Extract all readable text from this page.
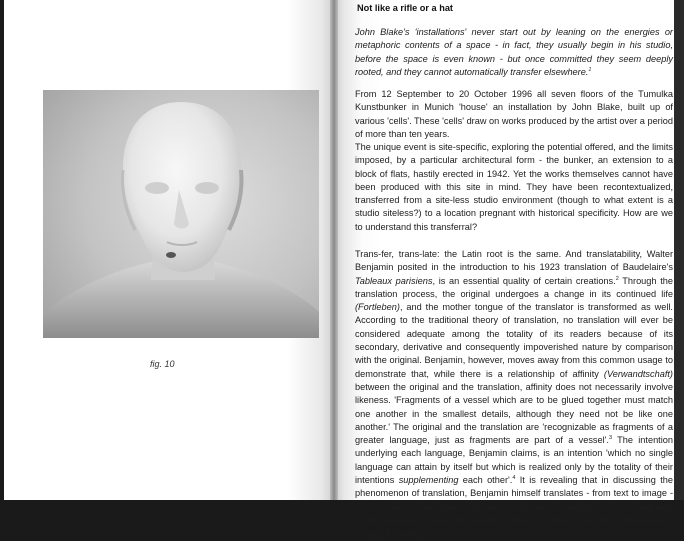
fig. 10
Not like a rifle or a hat

John Blake's 'installations' never start out by leaning on the energies or metaphoric contents of a space - in fact, they usually begin in his studio, before the space is even known - but once committed they seem deeply rooted, and they cannot automatically transfer elsewhere.$^1$

From 12 September to 20 October 1996 all seven floors of the Tumulka Kunstbunker in Munich 'house' an installation by John Blake, built up of various 'cells'. These 'cells' draw on works produced by the artist over a period of more than ten years.

The unique event is site-specific, exploring the potential offered, and the limits imposed, by a particular architectural form - the bunker, an extension to a block of flats, hastily erected in 1942. Yet the works themselves cannot have been produced with this site in mind. They have been recontextualized, transferred from a site-less studio environment (though to what extent is a studio siteless?) to a location pregnant with historical specificity. How are we to understand this transferral?

Trans-fer, trans-late: the Latin root is the same. And translatability, Walter Benjamin posited in the introduction to his 1923 translation of Baudelaire's Tableaux parisiens, is an essential quality of certain creations.$^2$ Through the translation process, the original undergoes a change in its continued life (Fortleben), and the mother tongue of the translator is transformed as well. According to the traditional theory of translation, no translation will ever be considered adequate among the totality of its readers because of its secondary, derivative and consequently impoverished nature by comparison with the original. Benjamin, however, moves away from this common usage to demonstrate that, while there is a relationship of affinity (Verwandtschaft) between the original and the translation, affinity does not necessarily involve likeness. 'Fragments of a vessel which are to be glued together must match one another in the smallest details, although they need not be like one another.' The original and the translation are 'recognizable as fragments of a greater language, just as fragments are part of a vessel'.$^3$ The intention underlying each language, Benjamin claims, is an intention 'which no single language can attain by itself but which is realized only by the totality of their intentions supplementing each other'.$^4$ It is revealing that in discussing the phenomenon of translation, Benjamin himself translates - from text to image - by resorting to the figure of the vessel. His act of translation - from language to art - re-enacts the act of translation that he is describing (in Wittgensteinian usage, it shows).
